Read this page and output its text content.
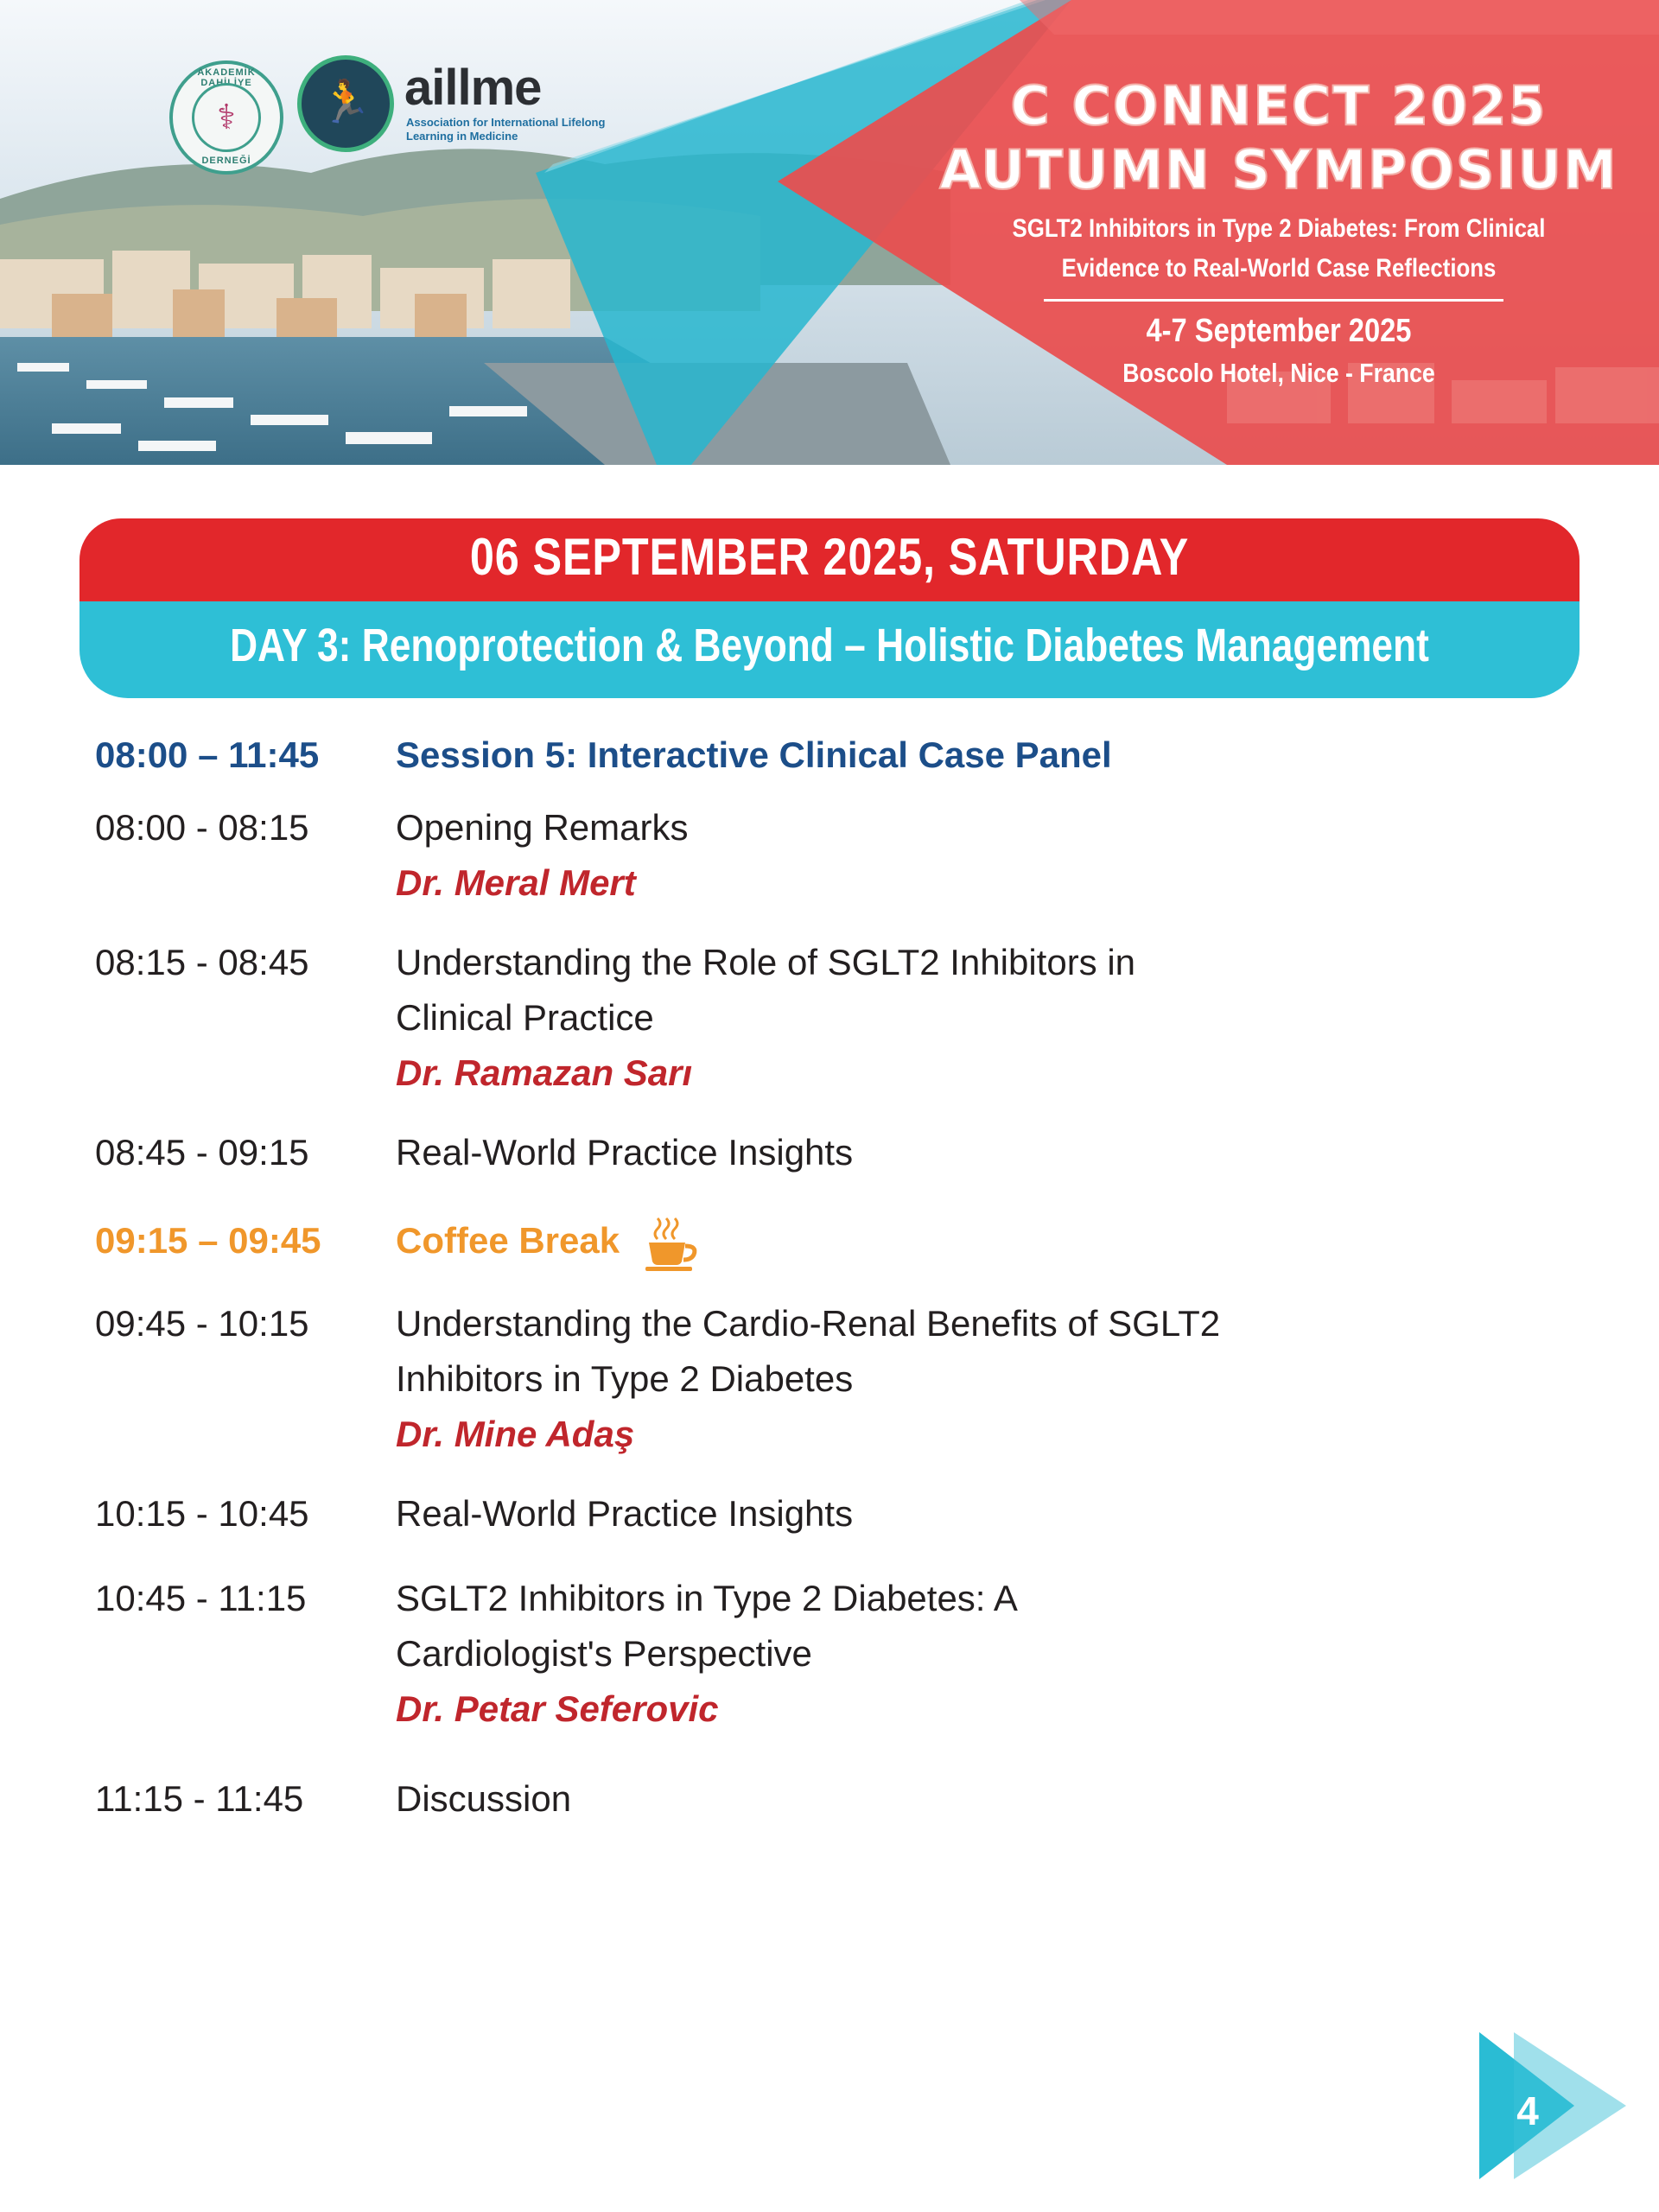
AKADEMİK DAHİLİYE
⚕
DERNEĞİ
🏃 aillme
Association for International Lifelong Learning in Medicine	C CONNECT 2025
AUTUMN SYMPOSIUM
SGLT2 Inhibitors in Type 2 Diabetes: From Clinical Evidence to Real-World Case Reflections
4-7 September 2025
Boscolo Hotel, Nice - France
06 SEPTEMBER 2025, SATURDAY
DAY 3: Renoprotection & Beyond – Holistic Diabetes Management
08:00 – 11:45	Session 5: Interactive Clinical Case Panel
08:00 - 08:15	Opening Remarks
Dr. Meral Mert
08:15 - 08:45	Understanding the Role of SGLT2 Inhibitors in Clinical Practice
Dr. Ramazan Sarı
08:45 - 09:15	Real-World Practice Insights
09:15 – 09:45	Coffee Break
09:45 - 10:15	Understanding the Cardio-Renal Benefits of SGLT2 Inhibitors in Type 2 Diabetes
Dr. Mine Adaş
10:15 - 10:45	Real-World Practice Insights
10:45 - 11:15	SGLT2 Inhibitors in Type 2 Diabetes: A Cardiologist's Perspective
Dr. Petar Seferovic
11:15 - 11:45	Discussion
4
